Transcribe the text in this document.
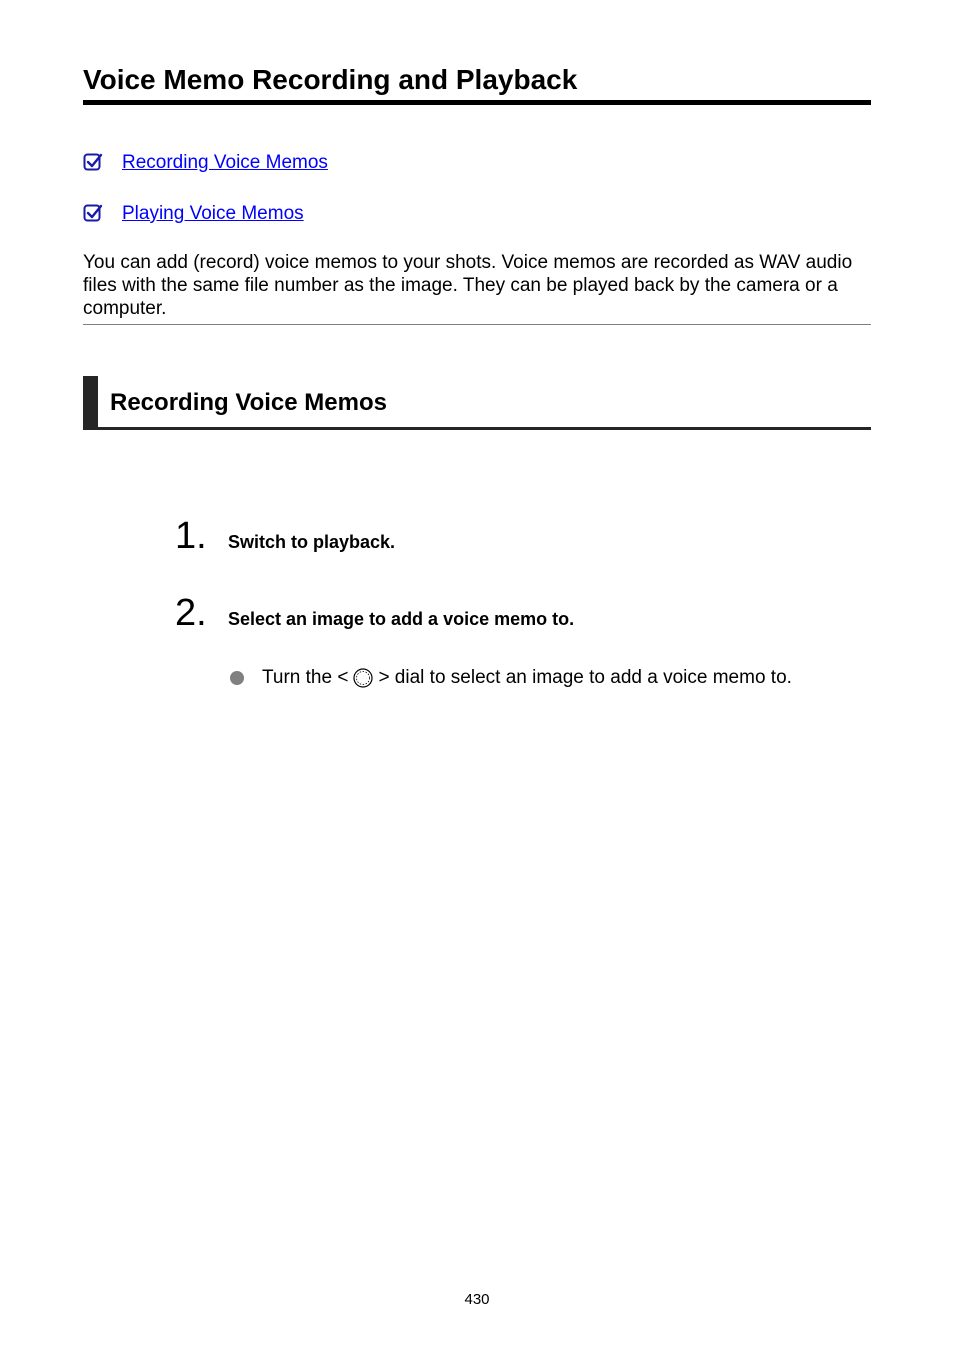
Voice Memo Recording and Playback
Recording Voice Memos
Playing Voice Memos

You can add (record) voice memos to your shots. Voice memos are recorded as WAV audio files with the same file number as the image. They can be played back by the camera or a computer.

Recording Voice Memos
1.	Switch to playback.
2.	Select an image to add a voice memo to.
Turn the < > dial to select an image to add a voice memo to.
430
